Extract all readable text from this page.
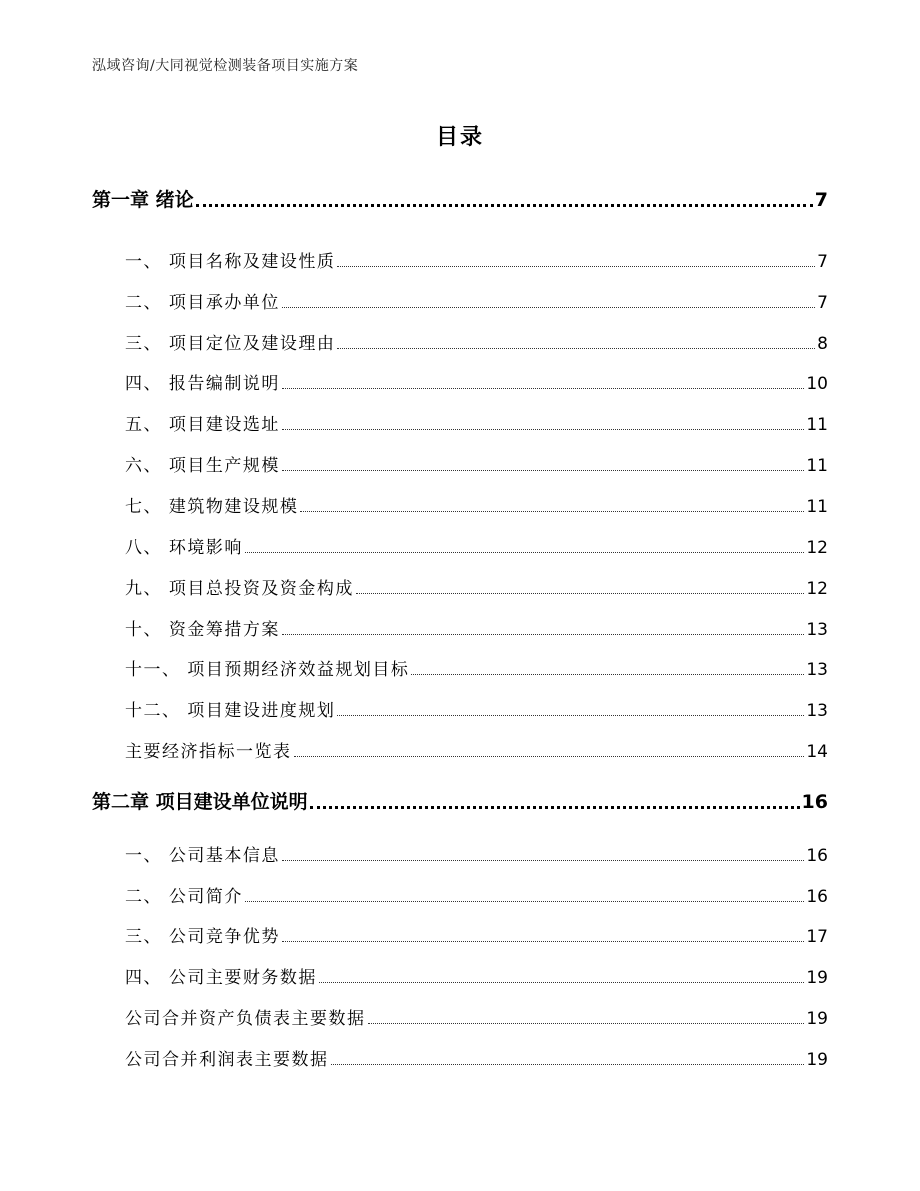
泓域咨询/大同视觉检测装备项目实施方案
目录
第一章 绪论	7
一、 项目名称及建设性质	7
二、 项目承办单位	7
三、 项目定位及建设理由	8
四、 报告编制说明	10
五、 项目建设选址	11
六、 项目生产规模	11
七、 建筑物建设规模	11
八、 环境影响	12
九、 项目总投资及资金构成	12
十、 资金筹措方案	13
十一、 项目预期经济效益规划目标	13
十二、 项目建设进度规划	13
主要经济指标一览表	14
第二章 项目建设单位说明	16
一、 公司基本信息	16
二、 公司简介	16
三、 公司竞争优势	17
四、 公司主要财务数据	19
公司合并资产负债表主要数据	19
公司合并利润表主要数据	19
